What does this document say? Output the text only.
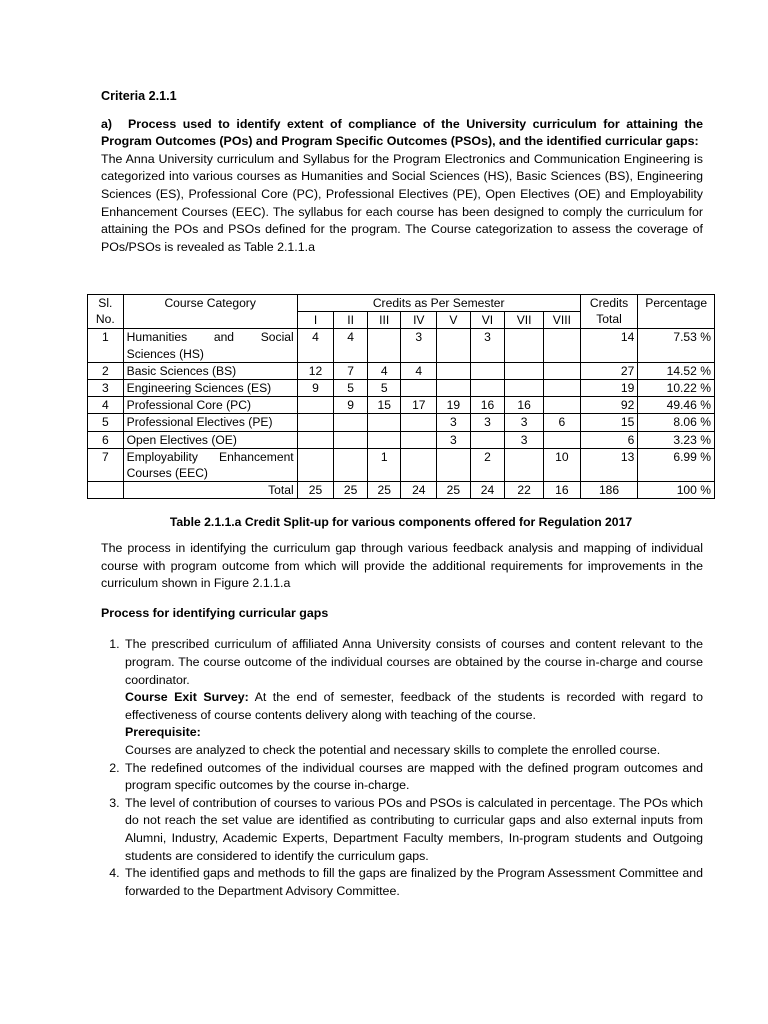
Criteria 2.1.1

a) Process used to identify extent of compliance of the University curriculum for attaining the Program Outcomes (POs) and Program Specific Outcomes (PSOs), and the identified curricular gaps:

The Anna University curriculum and Syllabus for the Program Electronics and Communication Engineering is categorized into various courses as Humanities and Social Sciences (HS), Basic Sciences (BS), Engineering Sciences (ES), Professional Core (PC), Professional Electives (PE), Open Electives (OE) and Employability Enhancement Courses (EEC). The syllabus for each course has been designed to comply the curriculum for attaining the POs and PSOs defined for the program. The Course categorization to assess the coverage of POs/PSOs is revealed as Table 2.1.1.a

Sl. No.	Course Category	Credits as Per Semester								Credits Total	Percentage
		I	II	III	IV	V	VI	VII	VIII		
1	Humanities and Social Sciences (HS)	4	4		3		3			14	7.53 %
2	Basic Sciences (BS)	12	7	4	4					27	14.52 %
3	Engineering Sciences (ES)	9	5	5						19	10.22 %
4	Professional Core (PC)		9	15	17	19	16	16		92	49.46 %
5	Professional Electives (PE)					3	3	3	6	15	8.06 %
6	Open Electives (OE)					3		3		6	3.23 %
7	Employability Enhancement Courses (EEC)			1			2		10	13	6.99 %
	Total	25	25	25	24	25	24	22	16	186	100 %
Table 2.1.1.a Credit Split-up for various components offered for Regulation 2017

The process in identifying the curriculum gap through various feedback analysis and mapping of individual course with program outcome from which will provide the additional requirements for improvements in the curriculum shown in Figure 2.1.1.a

Process for identifying curricular gaps

1. The prescribed curriculum of affiliated Anna University consists of courses and content relevant to the program. The course outcome of the individual courses are obtained by the course in-charge and course coordinator.
Course Exit Survey: At the end of semester, feedback of the students is recorded with regard to effectiveness of course contents delivery along with teaching of the course.
Prerequisite:
Courses are analyzed to check the potential and necessary skills to complete the enrolled course.
2. The redefined outcomes of the individual courses are mapped with the defined program outcomes and program specific outcomes by the course in-charge.
3. The level of contribution of courses to various POs and PSOs is calculated in percentage. The POs which do not reach the set value are identified as contributing to curricular gaps and also external inputs from Alumni, Industry, Academic Experts, Department Faculty members, In-program students and Outgoing students are considered to identify the curriculum gaps.
4. The identified gaps and methods to fill the gaps are finalized by the Program Assessment Committee and forwarded to the Department Advisory Committee.
